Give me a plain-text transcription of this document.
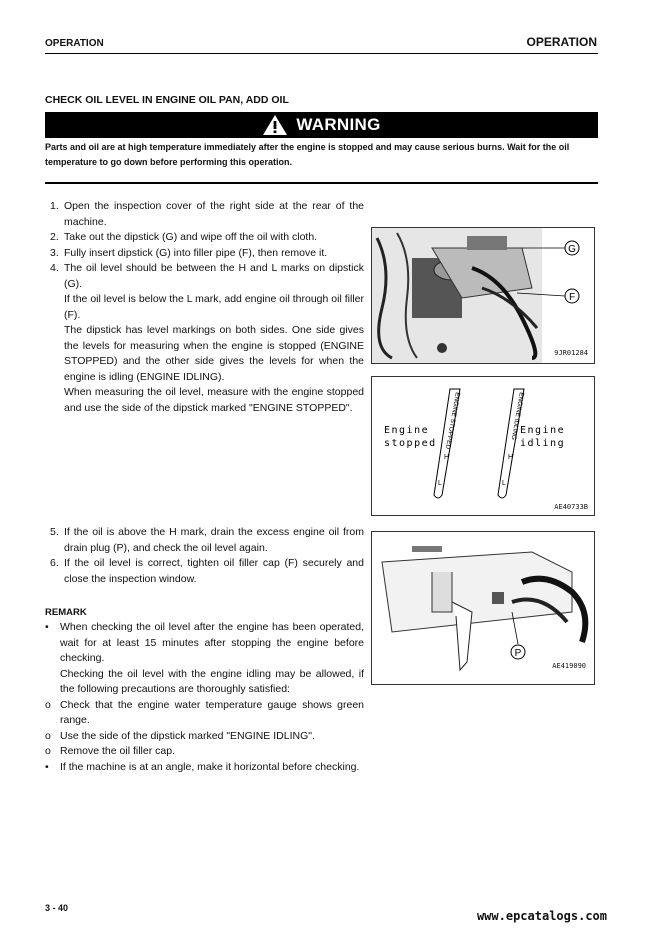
OPERATION	OPERATION
CHECK OIL LEVEL IN ENGINE OIL PAN, ADD OIL
WARNING
Parts and oil are at high temperature immediately after the engine is stopped and may cause serious burns. Wait for the oil temperature to go down before performing this operation.
1. Open the inspection cover of the right side at the rear of the machine.
2. Take out the dipstick (G) and wipe off the oil with cloth.
3. Fully insert dipstick (G) into filler pipe (F), then remove it.
4. The oil level should be between the H and L marks on dipstick (G).
If the oil level is below the L mark, add engine oil through oil filler (F).
The dipstick has level markings on both sides. One side gives the levels for measuring when the engine is stopped (ENGINE STOPPED) and the other side gives the levels for when the engine is idling (ENGINE IDLING).
When measuring the oil level, measure with the engine stopped and use the side of the dipstick marked "ENGINE STOPPED".
5. If the oil is above the H mark, drain the excess engine oil from drain plug (P), and check the oil level again.
6. If the oil level is correct, tighten oil filler cap (F) securely and close the inspection window.
REMARK
•	When checking the oil level after the engine has been operated, wait for at least 15 minutes after stopping the engine before checking.
Checking the oil level with the engine idling may be allowed, if the following precautions are thoroughly satisfied:
o Check that the engine water temperature gauge shows green range.
o Use the side of the dipstick marked "ENGINE IDLING".
o Remove the oil filler cap.
•	If the machine is at an angle, make it horizontal before checking.
G
F
9JR01284
Engine
stopped
Engine
idling
ENGINE STOPPED	ENGINE IDLING
H
L
H
L
AE40733B
P
AE419090
3 - 40
www.epcatalogs.com
